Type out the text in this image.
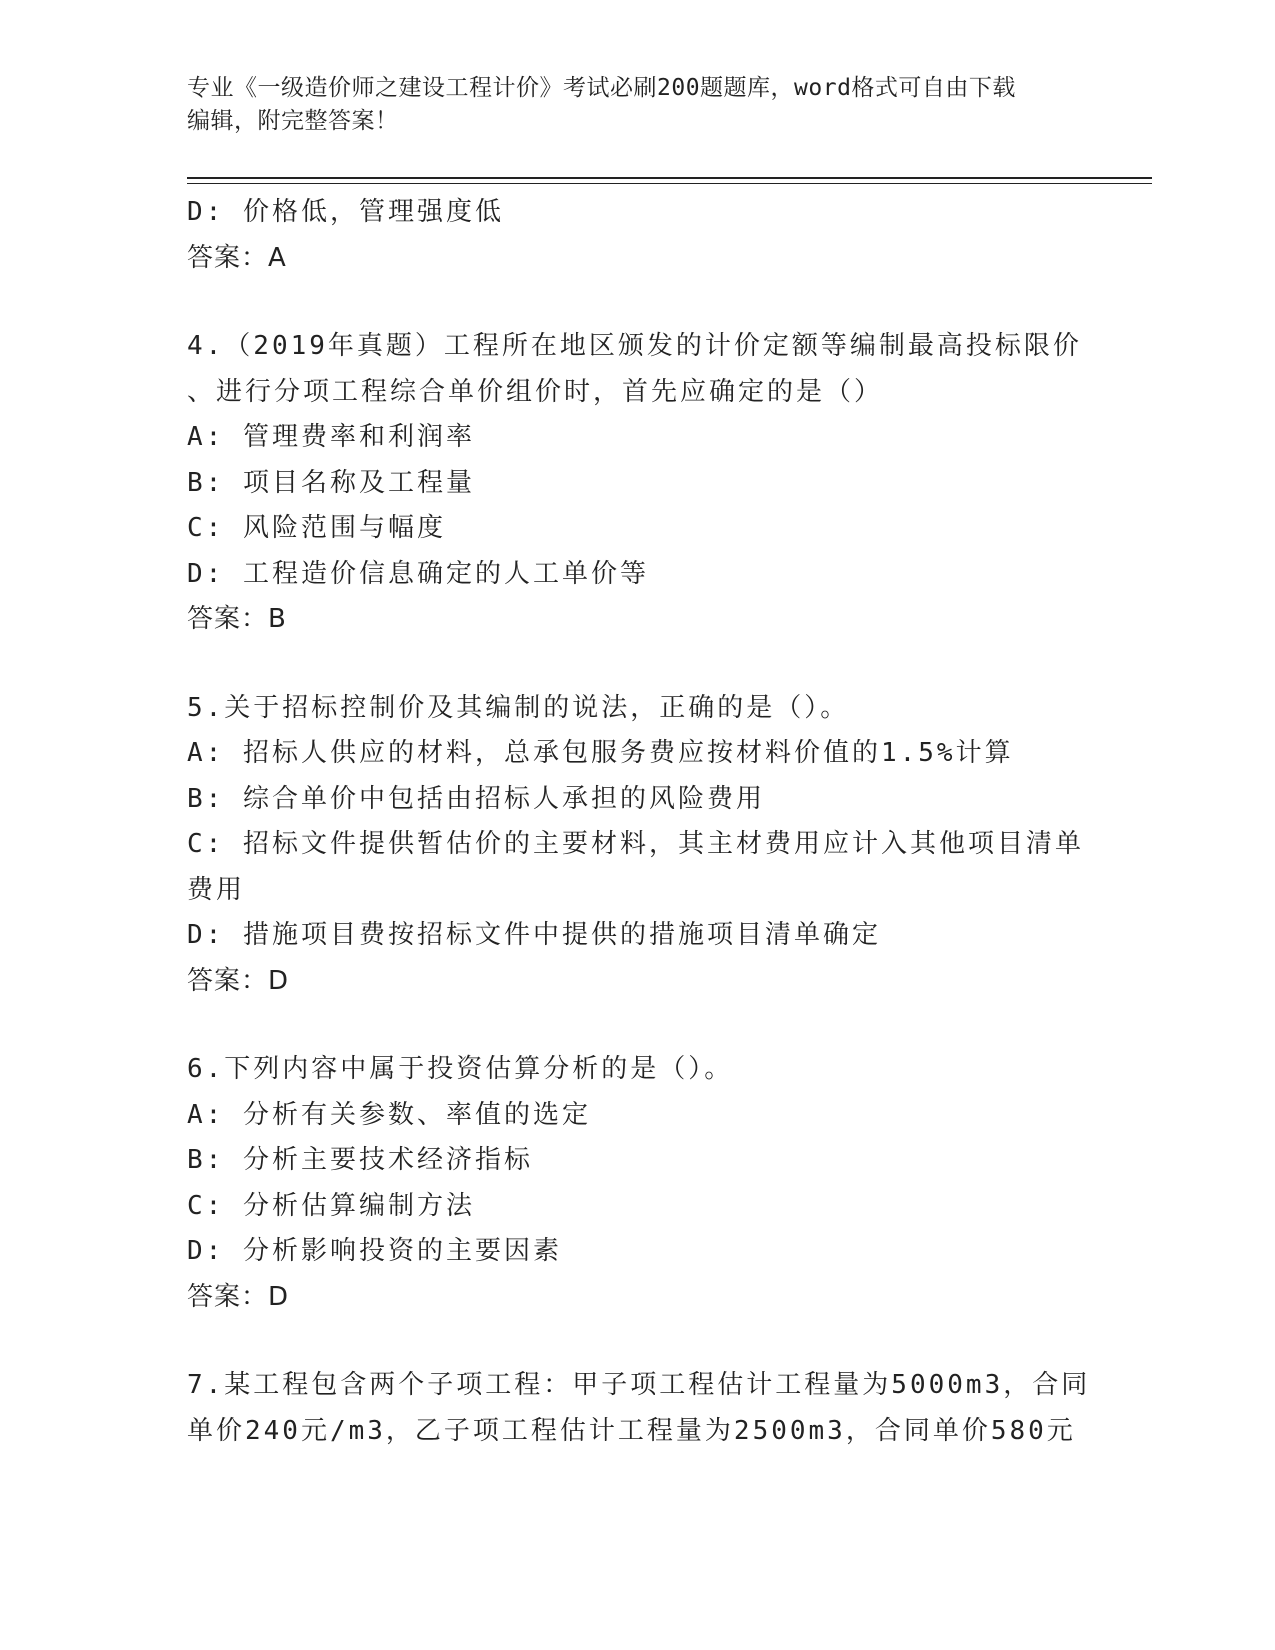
专业《一级造价师之建设工程计价》考试必刷200题题库，word格式可自由下载
编辑，附完整答案！
D: 价格低，管理强度低
答案：A
4.（2019年真题）工程所在地区颁发的计价定额等编制最高投标限价
、进行分项工程综合单价组价时，首先应确定的是（）
A: 管理费率和利润率
B: 项目名称及工程量
C: 风险范围与幅度
D: 工程造价信息确定的人工单价等
答案：B
5.关于招标控制价及其编制的说法，正确的是（）。
A: 招标人供应的材料，总承包服务费应按材料价值的1.5%计算
B: 综合单价中包括由招标人承担的风险费用
C: 招标文件提供暂估价的主要材料，其主材费用应计入其他项目清单
费用
D: 措施项目费按招标文件中提供的措施项目清单确定
答案：D
6.下列内容中属于投资估算分析的是（）。
A: 分析有关参数、率值的选定
B: 分析主要技术经济指标
C: 分析估算编制方法
D: 分析影响投资的主要因素
答案：D
7.某工程包含两个子项工程：甲子项工程估计工程量为5000m3，合同
单价240元/m3，乙子项工程估计工程量为2500m3，合同单价580元
